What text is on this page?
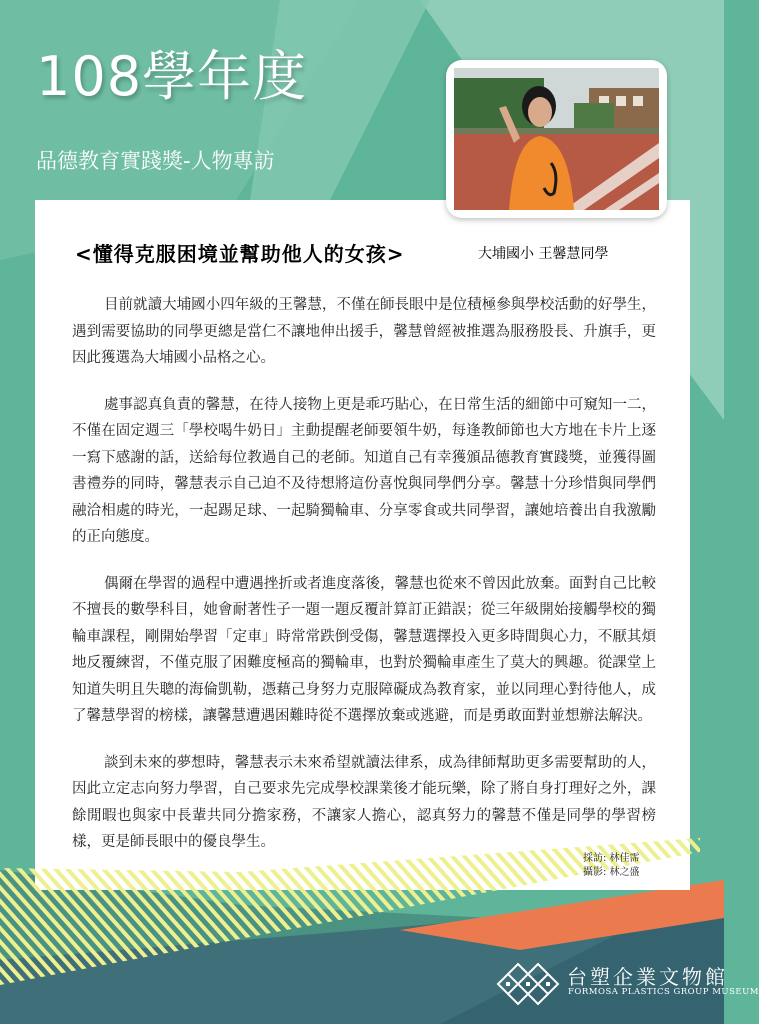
108學年度
品德教育實踐獎-人物專訪
<懂得克服困境並幫助他人的女孩>	大埔國小 王馨慧同學

目前就讀大埔國小四年級的王馨慧，不僅在師長眼中是位積極參與學校活動的好學生，遇到需要協助的同學更總是當仁不讓地伸出援手，馨慧曾經被推選為服務股長、升旗手，更因此獲選為大埔國小品格之心。

處事認真負責的馨慧，在待人接物上更是乖巧貼心，在日常生活的細節中可窺知一二，不僅在固定週三「學校喝牛奶日」主動提醒老師要領牛奶，每逢教師節也大方地在卡片上逐一寫下感謝的話，送給每位教過自己的老師。知道自己有幸獲頒品德教育實踐獎，並獲得圖書禮券的同時，馨慧表示自己迫不及待想將這份喜悅與同學們分享。馨慧十分珍惜與同學們融洽相處的時光，一起踢足球、一起騎獨輪車、分享零食或共同學習，讓她培養出自我激勵的正向態度。

偶爾在學習的過程中遭遇挫折或者進度落後，馨慧也從來不曾因此放棄。面對自己比較不擅長的數學科目，她會耐著性子一題一題反覆計算訂正錯誤；從三年級開始接觸學校的獨輪車課程，剛開始學習「定車」時常常跌倒受傷，馨慧選擇投入更多時間與心力，不厭其煩地反覆練習，不僅克服了困難度極高的獨輪車，也對於獨輪車產生了莫大的興趣。從課堂上知道失明且失聰的海倫凱勒，憑藉己身努力克服障礙成為教育家，並以同理心對待他人，成了馨慧學習的榜樣，讓馨慧遭遇困難時從不選擇放棄或逃避，而是勇敢面對並想辦法解決。

談到未來的夢想時，馨慧表示未來希望就讀法律系，成為律師幫助更多需要幫助的人，因此立定志向努力學習，自己要求先完成學校課業後才能玩樂，除了將自身打理好之外，課餘閒暇也與家中長輩共同分擔家務，不讓家人擔心，認真努力的馨慧不僅是同學的學習榜樣，更是師長眼中的優良學生。

採訪: 林佳霈
攝影: 林之盛
台塑企業文物館
FORMOSA PLASTICS GROUP MUSEUM
